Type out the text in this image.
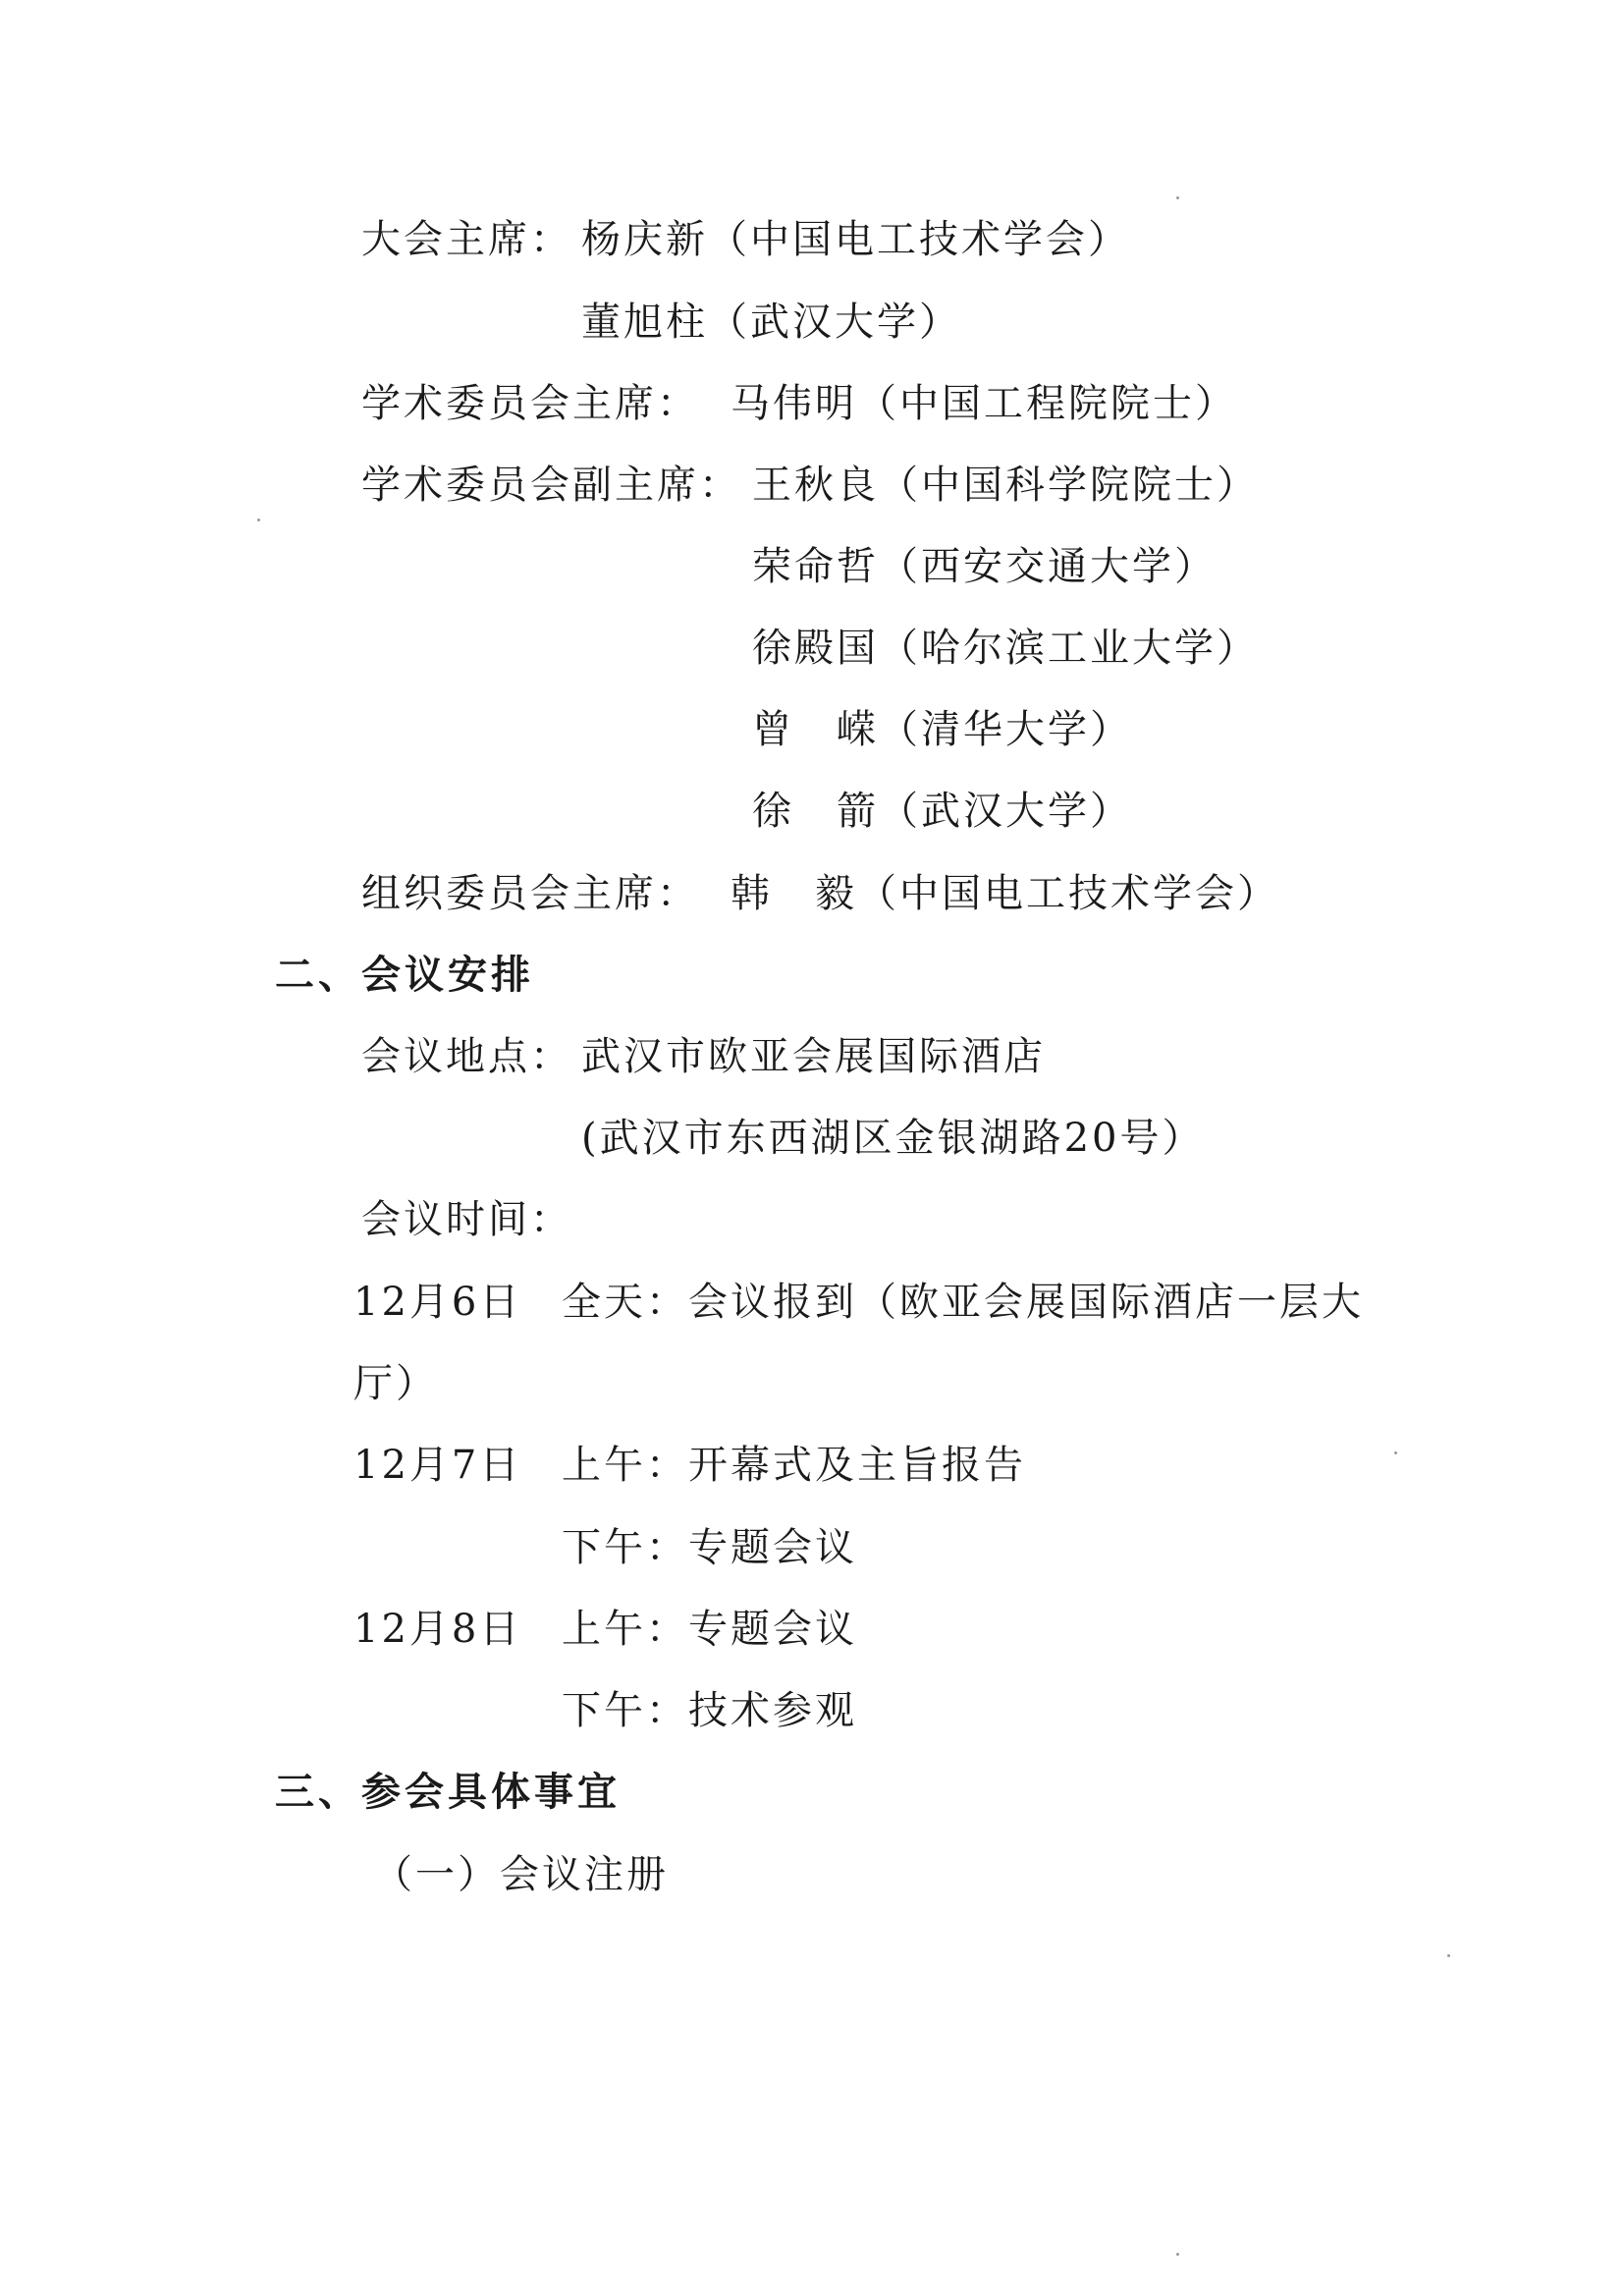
大会主席： 杨庆新（中国电工技术学会）
董旭柱（武汉大学）
学术委员会主席： 马伟明（中国工程院院士）
学术委员会副主席： 王秋良（中国科学院院士）
荣命哲（西安交通大学）
徐殿国（哈尔滨工业大学）
曾　嵘（清华大学）
徐　箭（武汉大学）
组织委员会主席： 韩　毅（中国电工技术学会）
二、会议安排
会议地点： 武汉市欧亚会展国际酒店
(武汉市东西湖区金银湖路20号）
会议时间：
12月6日 全天：会议报到（欧亚会展国际酒店一层大
厅）
12月7日 上午：开幕式及主旨报告
下午：专题会议
12月8日 上午：专题会议
下午：技术参观
三、参会具体事宜
（一）会议注册
